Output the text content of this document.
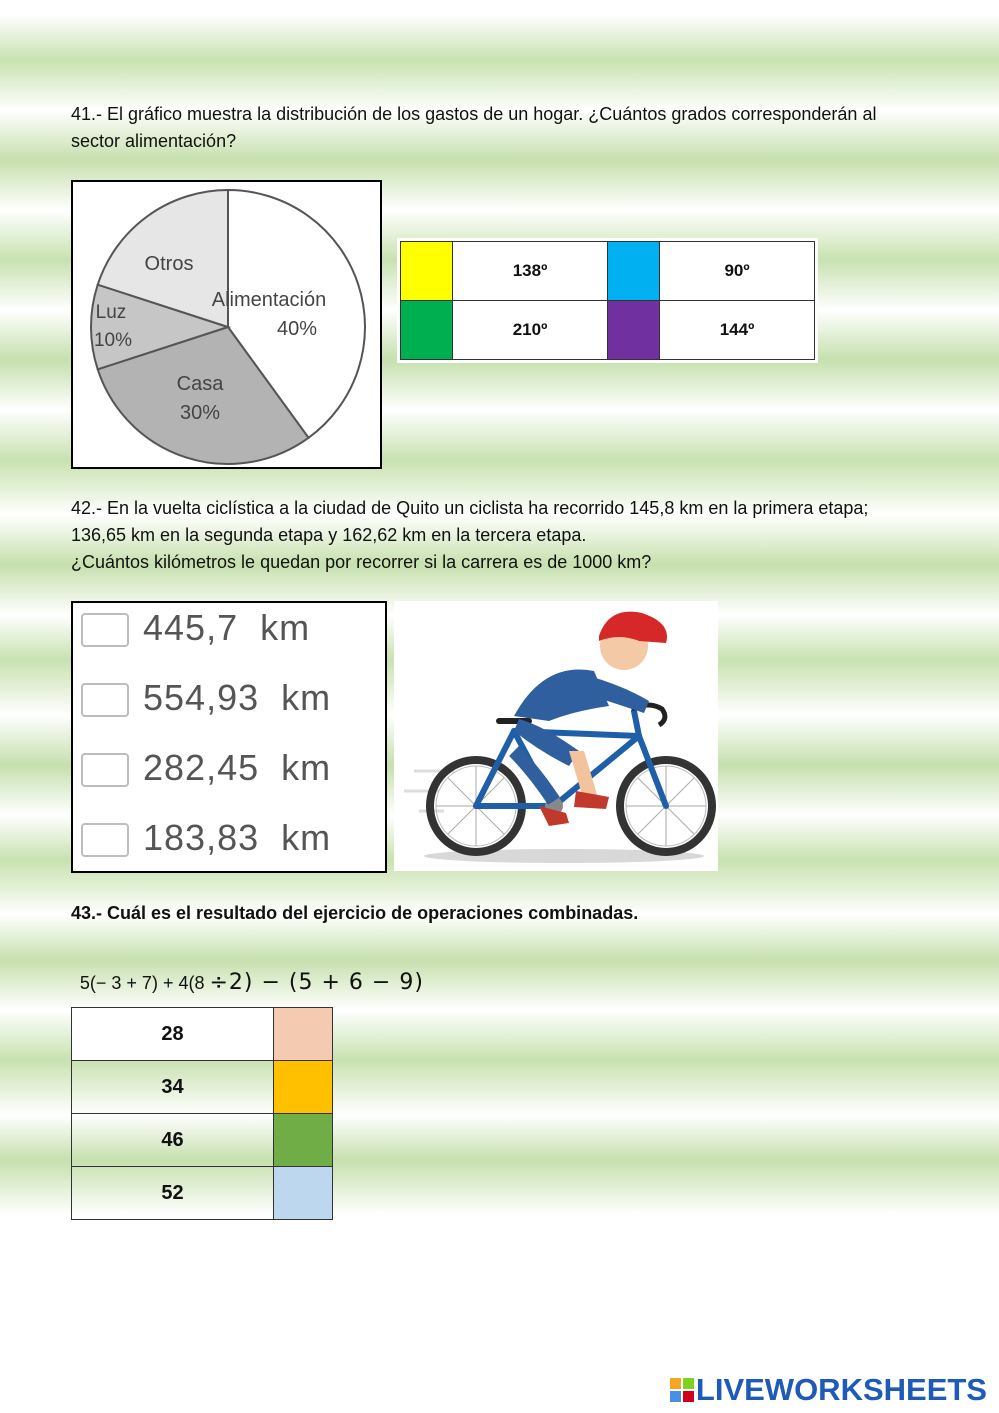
41.- El gráfico muestra la distribución de los gastos de un hogar. ¿Cuántos grados corresponderán al
sector alimentación?
Alimentación
40%
Casa
30%
Luz
10%
Otros
		138º		90º
	210º		144º
42.- En la vuelta ciclística a la ciudad de Quito un ciclista ha recorrido 145,8 km en la primera etapa;
136,65 km en la segunda etapa y 162,62 km en la tercera etapa.
¿Cuántos kilómetros le quedan por recorrer si la carrera es de 1000 km?
445,7  km
554,93  km
282,45  km
183,83  km
43.- Cuál es el resultado del ejercicio de operaciones combinadas.

5(− 3 + 7) + 4(8 ÷2) − (5 + 6 − 9)

28	
34	
46	
52	
LIVEWORKSHEETS
